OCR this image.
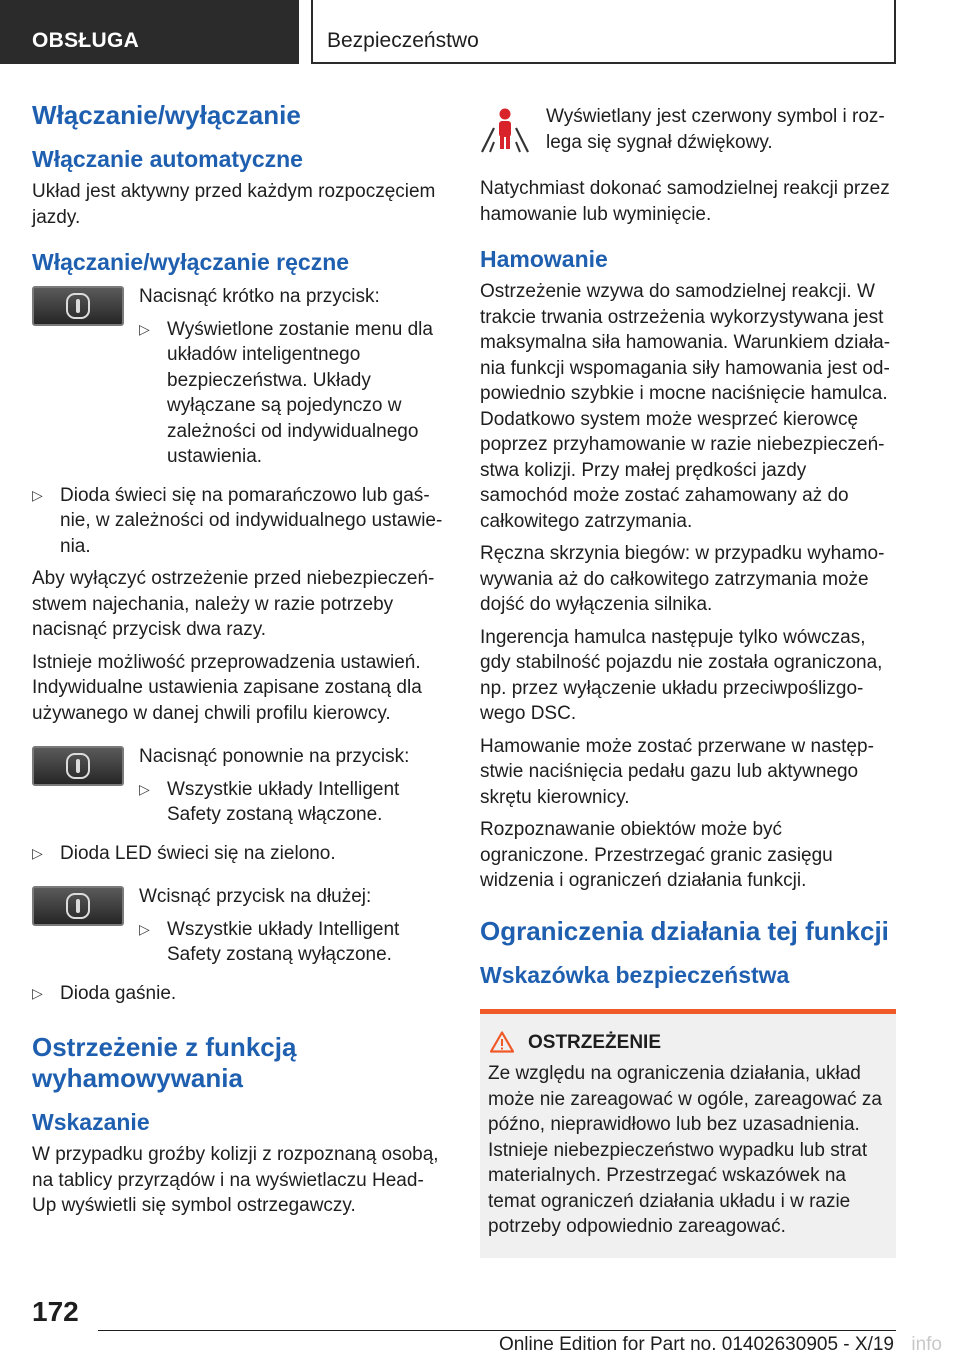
OBSŁUGA	Bezpieczeństwo
Włączanie/wyłączanie
Włączanie automatyczne

Układ jest aktywny przed każdym rozpoczęciem jazdy.

Włączanie/wyłączanie ręczne

Nacisnąć krótko na przycisk:

▷ Wyświetlone zostanie menu dla układów inteligentnego bezpieczeństwa. Układy wyłączane są pojedynczo w zależności od indywidualnego ustawienia.
▷ Dioda świeci się na pomarańczowo lub gaśnie, w zależności od indywidualnego ustawienia.

Aby wyłączyć ostrzeżenie przed niebezpieczeństwem najechania, należy w razie potrzeby nacisnąć przycisk dwa razy.

Istnieje możliwość przeprowadzenia ustawień. Indywidualne ustawienia zapisane zostaną dla używanego w danej chwili profilu kierowcy.

Nacisnąć ponownie na przycisk:

▷ Wszystkie układy Intelligent Safety zostaną włączone.
▷ Dioda LED świeci się na zielono.

Wcisnąć przycisk na dłużej:

▷ Wszystkie układy Intelligent Safety zostaną wyłączone.
▷ Dioda gaśnie.
Ostrzeżenie z funkcją wyhamowywania
Wskazanie

W przypadku groźby kolizji z rozpoznaną osobą, na tablicy przyrządów i na wyświetlaczu Head-Up wyświetli się symbol ostrzegawczy.

Wyświetlany jest czerwony symbol i rozlega się sygnał dźwiękowy.

Natychmiast dokonać samodzielnej reakcji przez hamowanie lub wyminięcie.

Hamowanie

Ostrzeżenie wzywa do samodzielnej reakcji. W trakcie trwania ostrzeżenia wykorzystywana jest maksymalna siła hamowania. Warunkiem działania funkcji wspomagania siły hamowania jest odpowiednio szybkie i mocne naciśnięcie hamulca. Dodatkowo system może wesprzeć kierowcę poprzez przyhamowanie w razie niebezpieczeństwa kolizji. Przy małej prędkości jazdy samochód może zostać zahamowany aż do całkowitego zatrzymania.

Ręczna skrzynia biegów: w przypadku wyhamowywania aż do całkowitego zatrzymania może dojść do wyłączenia silnika.

Ingerencja hamulca następuje tylko wówczas, gdy stabilność pojazdu nie została ograniczona, np. przez wyłączenie układu przeciwpoślizgowego DSC.

Hamowanie może zostać przerwane w następstwie naciśnięcia pedału gazu lub aktywnego skrętu kierownicy.

Rozpoznawanie obiektów może być ograniczone. Przestrzegać granic zasięgu widzenia i ograniczeń działania funkcji.

Ograniczenia działania tej funkcji
Wskazówka bezpieczeństwa
OSTRZEŻENIE

Ze względu na ograniczenia działania, układ może nie zareagować w ogóle, zareagować za późno, nieprawidłowo lub bez uzasadnienia. Istnieje niebezpieczeństwo wypadku lub strat materialnych. Przestrzegać wskazówek na temat ograniczeń działania układu i w razie potrzeby odpowiednio zareagować.

172
Online Edition for Part no. 01402630905 - X/19 info
